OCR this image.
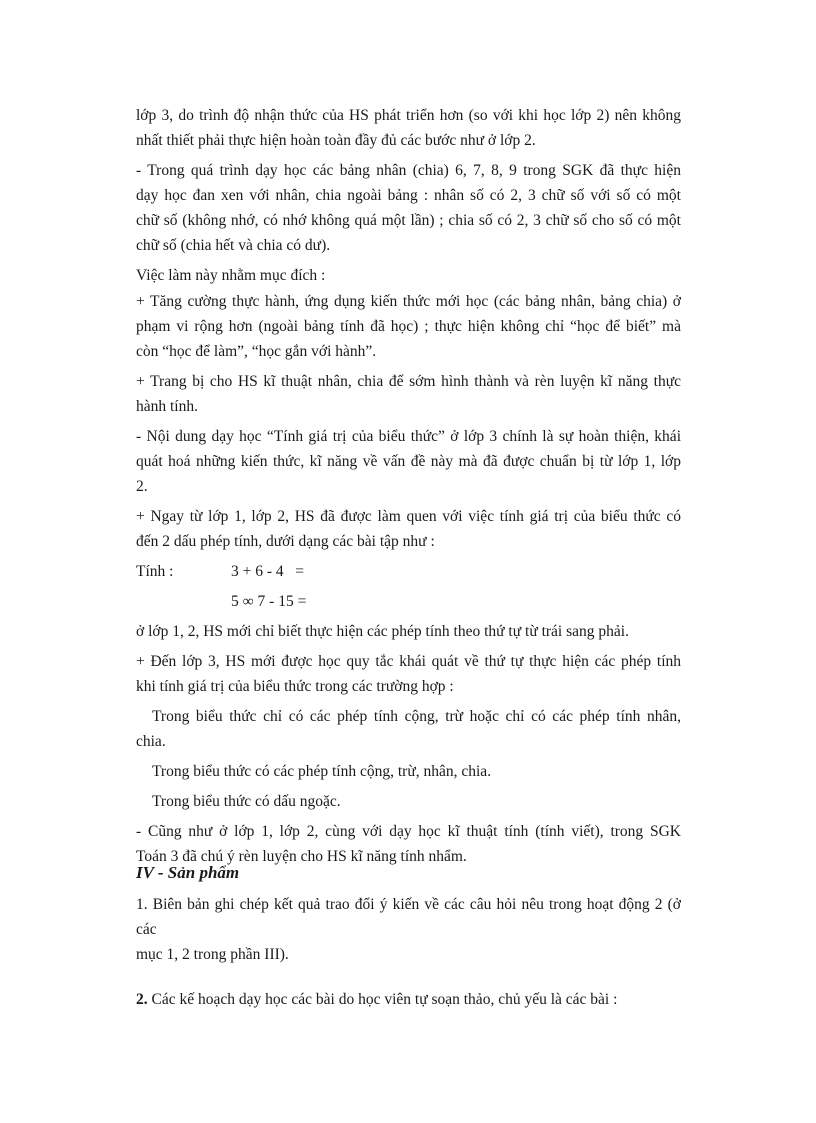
lớp 3, do trình độ nhận thức của HS phát triển hơn (so với khi học lớp 2) nên không

nhất thiết phải thực hiện hoàn toàn đầy đủ các bước như ở lớp 2.

- Trong quá trình dạy học các bảng nhân (chia) 6, 7, 8, 9 trong SGK đã thực hiện

dạy học đan xen với nhân, chia ngoài bảng : nhân số có 2, 3 chữ số với số có một

chữ số (không nhớ, có nhớ không quá một lần) ; chia số có 2, 3 chữ số cho số có một

chữ số (chia hết và chia có dư).

Việc làm này nhằm mục đích :

+ Tăng cường thực hành, ứng dụng kiến thức mới học (các bảng nhân, bảng chia) ở

phạm vi rộng hơn (ngoài bảng tính đã học) ; thực hiện không chỉ “học để biết” mà

còn “học để làm”, “học gắn với hành”.

+ Trang bị cho HS kĩ thuật nhân, chia để sớm hình thành và rèn luyện kĩ năng thực

hành tính.

- Nội dung dạy học “Tính giá trị của biểu thức” ở lớp 3 chính là sự hoàn thiện, khái

quát hoá những kiến thức, kĩ năng về vấn đề này mà đã được chuẩn bị từ lớp 1, lớp

2.

+ Ngay từ lớp 1, lớp 2, HS đã được làm quen với việc tính giá trị của biểu thức có

đến 2 dấu phép tính, dưới dạng các bài tập như :

Tính :	3 + 6 - 4   =
5 ∞ 7 - 15 =

ở lớp 1, 2, HS mới chỉ biết thực hiện các phép tính theo thứ tự từ trái sang phải.

+ Đến lớp 3, HS mới được học quy tắc khái quát về thứ tự thực hiện các phép tính

khi tính giá trị của biểu thức trong các trường hợp :

Trong biểu thức chỉ có các phép tính cộng, trừ hoặc chỉ có các phép tính nhân,

chia.

Trong biểu thức có các phép tính cộng, trừ, nhân, chia.

Trong biểu thức có dấu ngoặc.

- Cũng như ở lớp 1, lớp 2, cùng với dạy học kĩ thuật tính (tính viết), trong SGK

Toán 3 đã chú ý rèn luyện cho HS kĩ năng tính nhẩm.

IV - Sản phẩm

1. Biên bản ghi chép kết quả trao đổi ý kiến về các câu hỏi nêu trong hoạt động 2 (ở

các

mục 1, 2 trong phần III).

2. Các kế hoạch dạy học các bài do học viên tự soạn thảo, chủ yếu là các bài :
